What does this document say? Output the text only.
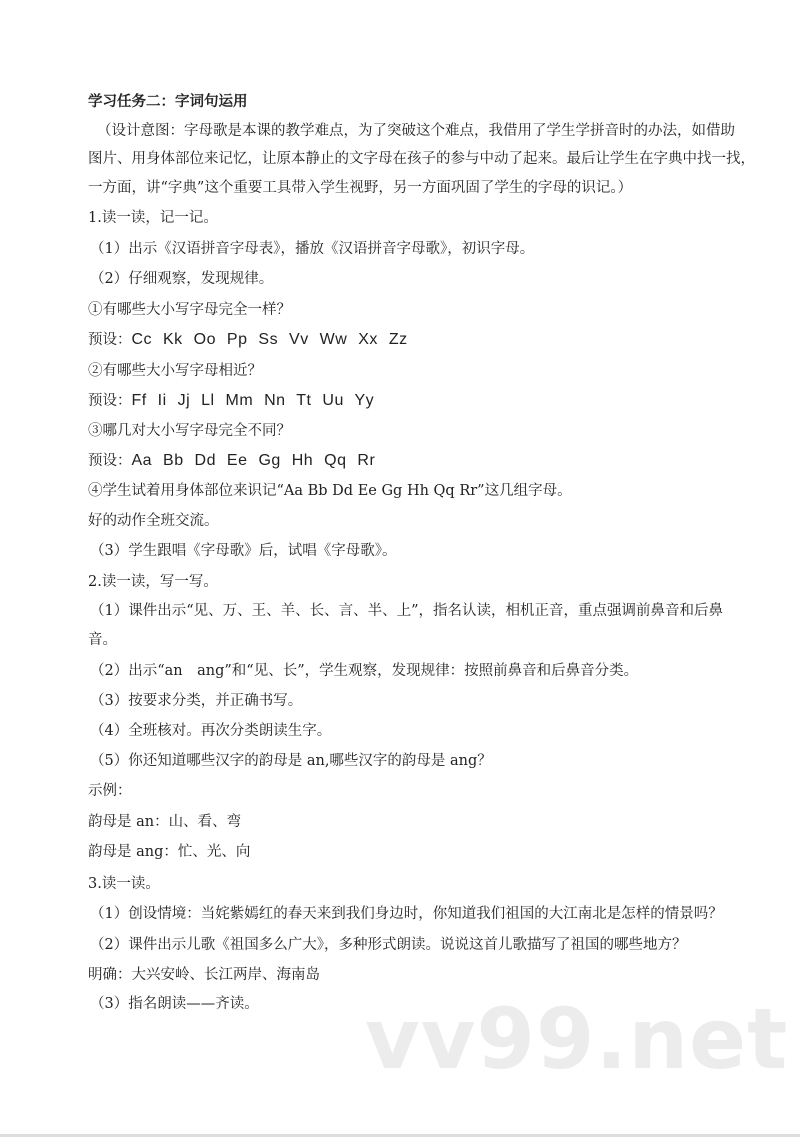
学习任务二：字词句运用
（设计意图：字母歌是本课的教学难点，为了突破这个难点，我借用了学生学拼音时的办法，如借助
图片、用身体部位来记忆，让原本静止的文字母在孩子的参与中动了起来。最后让学生在字典中找一找，
一方面，讲“字典”这个重要工具带入学生视野，另一方面巩固了学生的字母的识记。）
1.读一读，记一记。
（1）出示《汉语拼音字母表》，播放《汉语拼音字母歌》，初识字母。
（2）仔细观察，发现规律。
①有哪些大小写字母完全一样？
预设：Cc Kk Oo Pp Ss Vv Ww Xx Zz
②有哪些大小写字母相近？
预设：Ff Ii Jj Ll Mm Nn Tt Uu Yy
③哪几对大小写字母完全不同？
预设：Aa Bb Dd Ee Gg Hh Qq Rr
④学生试着用身体部位来识记“Aa Bb Dd Ee Gg Hh Qq Rr”这几组字母。
好的动作全班交流。
（3）学生跟唱《字母歌》后，试唱《字母歌》。
2.读一读，写一写。
（1）课件出示“见、万、王、羊、长、言、半、上”，指名认读，相机正音，重点强调前鼻音和后鼻
音。
（2）出示“an　ang”和“见、长”，学生观察，发现规律：按照前鼻音和后鼻音分类。
（3）按要求分类，并正确书写。
（4）全班核对。再次分类朗读生字。
（5）你还知道哪些汉字的韵母是 an,哪些汉字的韵母是 ang？
示例：
韵母是 an：山、看、弯
韵母是 ang：忙、光、向
3.读一读。
（1）创设情境：当姹紫嫣红的春天来到我们身边时，你知道我们祖国的大江南北是怎样的情景吗？
（2）课件出示儿歌《祖国多么广大》，多种形式朗读。说说这首儿歌描写了祖国的哪些地方？
明确：大兴安岭、长江两岸、海南岛
（3）指名朗读——齐读。 vv99.net
